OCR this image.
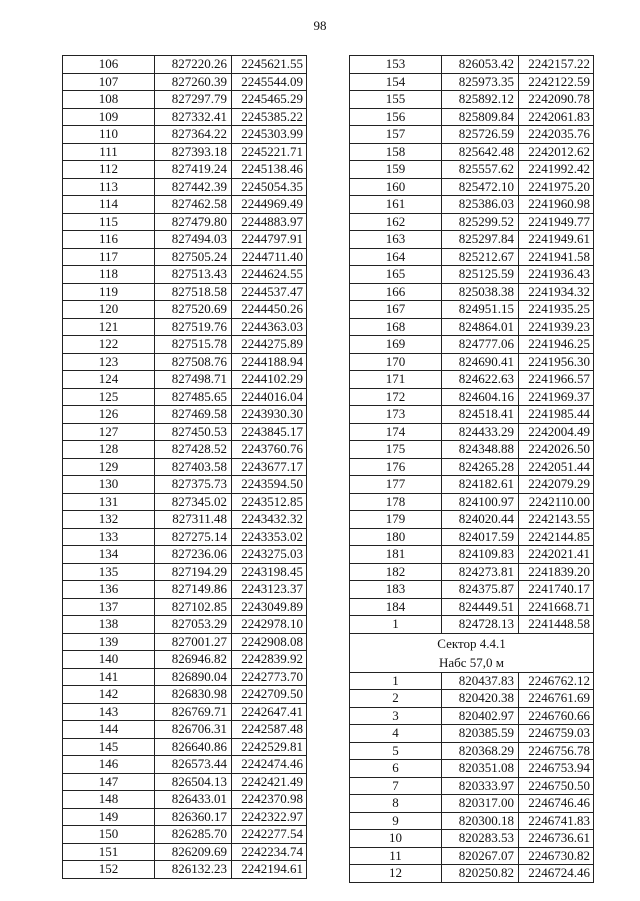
98
106	827220.26	2245621.55
107	827260.39	2245544.09
108	827297.79	2245465.29
109	827332.41	2245385.22
110	827364.22	2245303.99
111	827393.18	2245221.71
112	827419.24	2245138.46
113	827442.39	2245054.35
114	827462.58	2244969.49
115	827479.80	2244883.97
116	827494.03	2244797.91
117	827505.24	2244711.40
118	827513.43	2244624.55
119	827518.58	2244537.47
120	827520.69	2244450.26
121	827519.76	2244363.03
122	827515.78	2244275.89
123	827508.76	2244188.94
124	827498.71	2244102.29
125	827485.65	2244016.04
126	827469.58	2243930.30
127	827450.53	2243845.17
128	827428.52	2243760.76
129	827403.58	2243677.17
130	827375.73	2243594.50
131	827345.02	2243512.85
132	827311.48	2243432.32
133	827275.14	2243353.02
134	827236.06	2243275.03
135	827194.29	2243198.45
136	827149.86	2243123.37
137	827102.85	2243049.89
138	827053.29	2242978.10
139	827001.27	2242908.08
140	826946.82	2242839.92
141	826890.04	2242773.70
142	826830.98	2242709.50
143	826769.71	2242647.41
144	826706.31	2242587.48
145	826640.86	2242529.81
146	826573.44	2242474.46
147	826504.13	2242421.49
148	826433.01	2242370.98
149	826360.17	2242322.97
150	826285.70	2242277.54
151	826209.69	2242234.74
152	826132.23	2242194.61
153	826053.42	2242157.22
154	825973.35	2242122.59
155	825892.12	2242090.78
156	825809.84	2242061.83
157	825726.59	2242035.76
158	825642.48	2242012.62
159	825557.62	2241992.42
160	825472.10	2241975.20
161	825386.03	2241960.98
162	825299.52	2241949.77
163	825297.84	2241949.61
164	825212.67	2241941.58
165	825125.59	2241936.43
166	825038.38	2241934.32
167	824951.15	2241935.25
168	824864.01	2241939.23
169	824777.06	2241946.25
170	824690.41	2241956.30
171	824622.63	2241966.57
172	824604.16	2241969.37
173	824518.41	2241985.44
174	824433.29	2242004.49
175	824348.88	2242026.50
176	824265.28	2242051.44
177	824182.61	2242079.29
178	824100.97	2242110.00
179	824020.44	2242143.55
180	824017.59	2242144.85
181	824109.83	2242021.41
182	824273.81	2241839.20
183	824375.87	2241740.17
184	824449.51	2241668.71
1	824728.13	2241448.58
Сектор 4.4.1		
Набс 57,0 м		
1	820437.83	2246762.12
2	820420.38	2246761.69
3	820402.97	2246760.66
4	820385.59	2246759.03
5	820368.29	2246756.78
6	820351.08	2246753.94
7	820333.97	2246750.50
8	820317.00	2246746.46
9	820300.18	2246741.83
10	820283.53	2246736.61
11	820267.07	2246730.82
12	820250.82	2246724.46
